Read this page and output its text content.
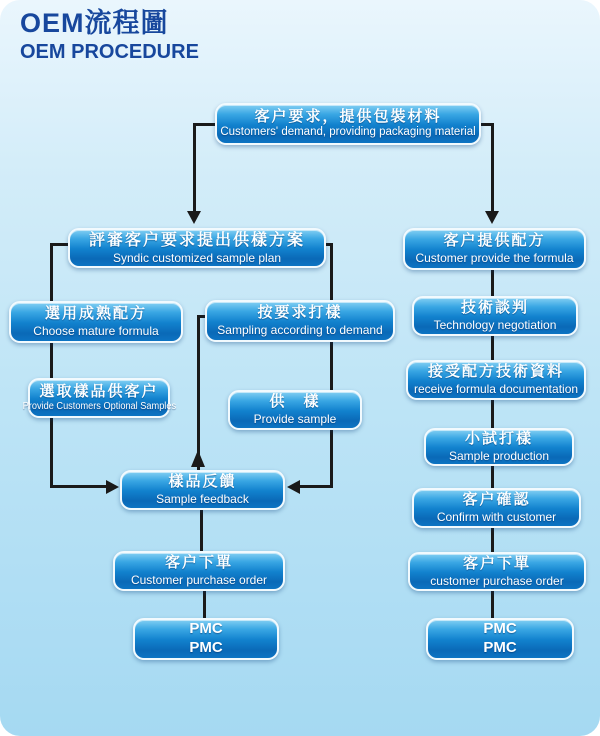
OEM流程圖
OEM PROCEDURE
客户要求，提供包裝材料
Customers' demand, providing packaging material
評審客户要求提出供樣方案
Syndic customized sample plan
選用成熟配方
Choose mature formula
按要求打樣
Sampling according to demand
選取樣品供客户
Provide Customers Optional Samples	供　樣
Provide sample
樣品反饋
Sample feedback
客户下單
Customer purchase order
PMC
PMC
客户提供配方
Customer provide the formula
技術談判
Technology negotiation
接受配方技術資料
receive formula documentation
小試打樣
Sample production
客户確認
Confirm with customer
客户下單
customer purchase order
PMC
PMC
